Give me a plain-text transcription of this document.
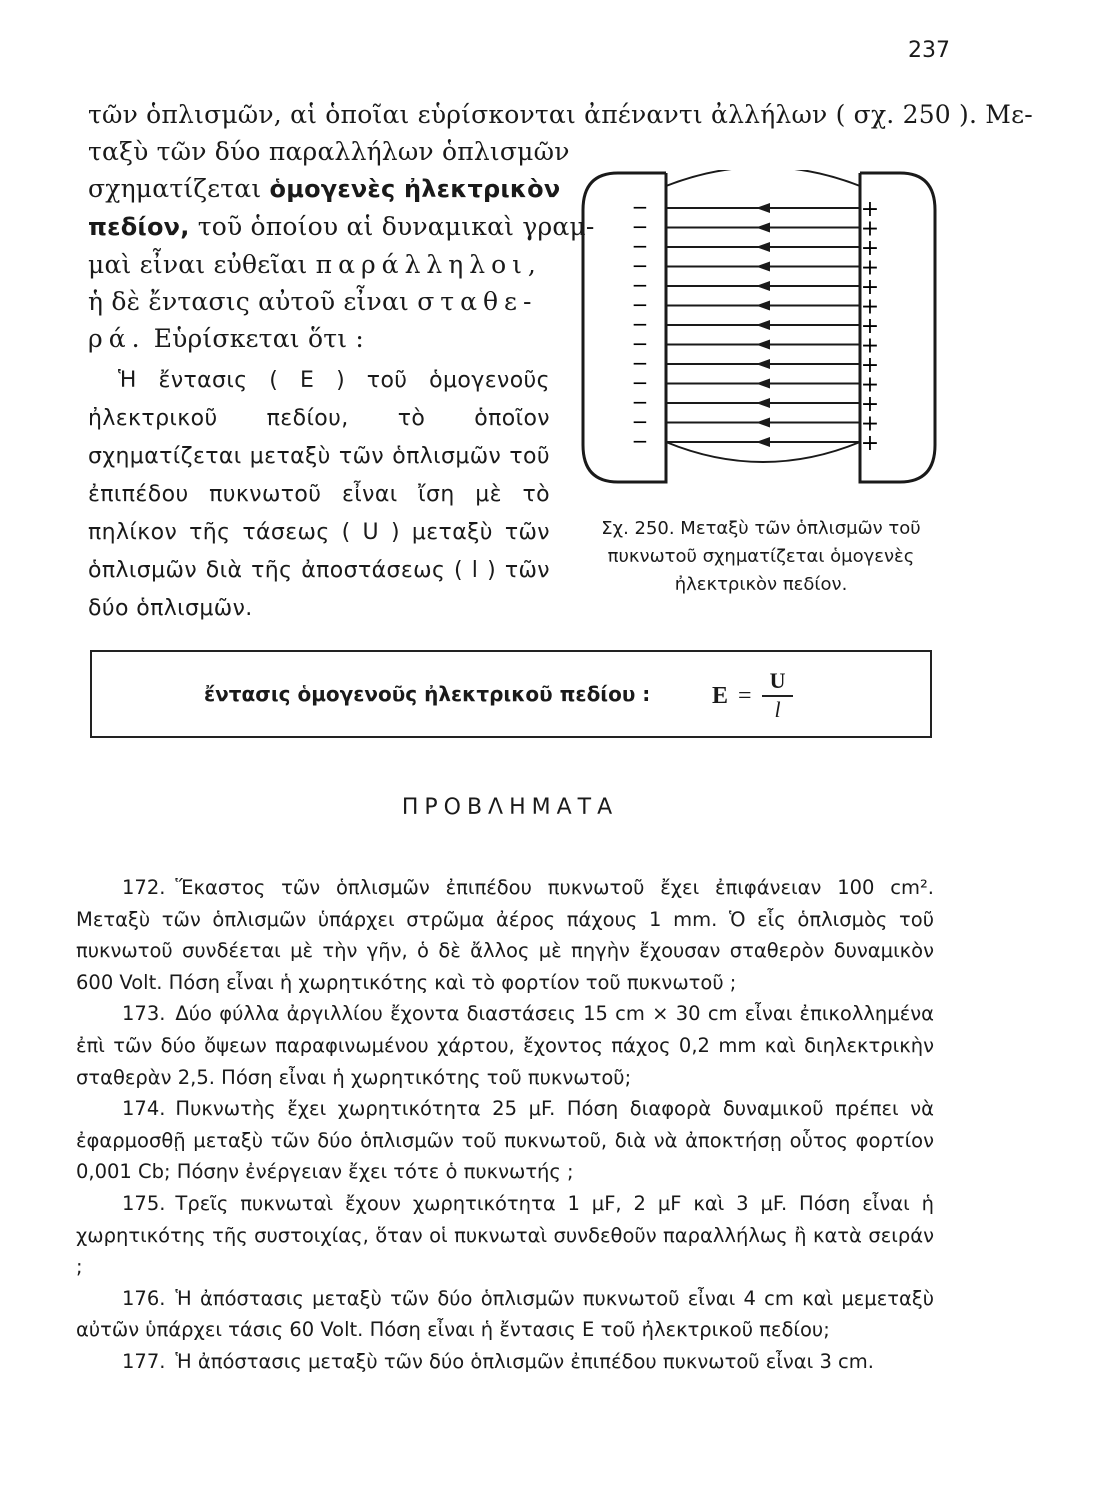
237

τῶν ὁπλισμῶν, αἱ ὁποῖαι εὑρίσκονται ἀπέναντι ἀλλήλων ( σχ. 250 ). Με-

ταξὺ τῶν δύο παραλλήλων ὁπλισμῶν

σχηματίζεται ὁμογενὲς ἠλεκτρικὸν

πεδίον, τοῦ ὁποίου αἱ δυναμικαὶ γραμ-

μαὶ εἶναι εὐθεῖαι παράλληλοι,

ἡ δὲ ἔντασις αὐτοῦ εἶναι σταθε-

ρά. Εὑρίσκεται ὅτι :

Ἡ ἔντασις ( Ε ) τοῦ ὁμογενοῦς ἠλεκτρικοῦ πεδίου, τὸ ὁποῖον σχηματίζεται μεταξὺ τῶν ὁπλισμῶν τοῦ ἐπιπέδου πυκνωτοῦ εἶναι ἴση μὲ τὸ πηλίκον τῆς τάσεως ( U ) μεταξὺ τῶν ὁπλισμῶν διὰ τῆς ἀποστάσεως ( l ) τῶν δύο ὁπλισμῶν.

−
−
−
−
−
−
−
−
−
−
−
−
−
+
+
+
+
+
+
+
+
+
+
+
+
+
Σχ. 250. Μεταξὺ τῶν ὁπλισμῶν τοῦ
πυκνωτοῦ σχηματίζεται ὁμογενὲς
ἠλεκτρικὸν πεδίον.
ἔντασις ὁμογενοῦς ἠλεκτρικοῦ πεδίου :	$E = \frac{U}{l}$
ΠΡΟΒΛΗΜΑΤΑ

172. Ἕκαστος τῶν ὁπλισμῶν ἐπιπέδου πυκνωτοῦ ἔχει ἐπιφάνειαν 100 cm². Μεταξὺ τῶν ὁπλισμῶν ὑπάρχει στρῶμα ἀέρος πάχους 1 mm. Ὁ εἷς ὁπλισμὸς τοῦ πυκνωτοῦ συνδέεται μὲ τὴν γῆν, ὁ δὲ ἄλλος μὲ πηγὴν ἔχουσαν σταθερὸν δυναμικὸν 600 Volt. Πόση εἶναι ἡ χωρητικότης καὶ τὸ φορτίον τοῦ πυκνωτοῦ ;

173. Δύο φύλλα ἀργιλλίου ἔχοντα διαστάσεις 15 cm × 30 cm εἶναι ἐπικολλημένα ἐπὶ τῶν δύο ὄψεων παραφινωμένου χάρτου, ἔχοντος πάχος 0,2 mm καὶ διηλεκτρικὴν σταθερὰν 2,5. Πόση εἶναι ἡ χωρητικότης τοῦ πυκνωτοῦ;

174. Πυκνωτὴς ἔχει χωρητικότητα 25 μF. Πόση διαφορὰ δυναμικοῦ πρέπει νὰ ἐφαρμοσθῇ μεταξὺ τῶν δύο ὁπλισμῶν τοῦ πυκνωτοῦ, διὰ νὰ ἀποκτήσῃ οὗτος φορτίον 0,001 Cb; Πόσην ἐνέργειαν ἔχει τότε ὁ πυκνωτής ;

175. Τρεῖς πυκνωταὶ ἔχουν χωρητικότητα 1 μF, 2 μF καὶ 3 μF. Πόση εἶναι ἡ χωρητικότης τῆς συστοιχίας, ὅταν οἱ πυκνωταὶ συνδεθοῦν παραλλήλως ἢ κατὰ σειράν ;

176. Ἡ ἀπόστασις μεταξὺ τῶν δύο ὁπλισμῶν πυκνωτοῦ εἶναι 4 cm καὶ μεμεταξὺ αὐτῶν ὑπάρχει τάσις 60 Volt. Πόση εἶναι ἡ ἔντασις Ε τοῦ ἠλεκτρικοῦ πεδίου;

177. Ἡ ἀπόστασις μεταξὺ τῶν δύο ὁπλισμῶν ἐπιπέδου πυκνωτοῦ εἶναι 3 cm.
